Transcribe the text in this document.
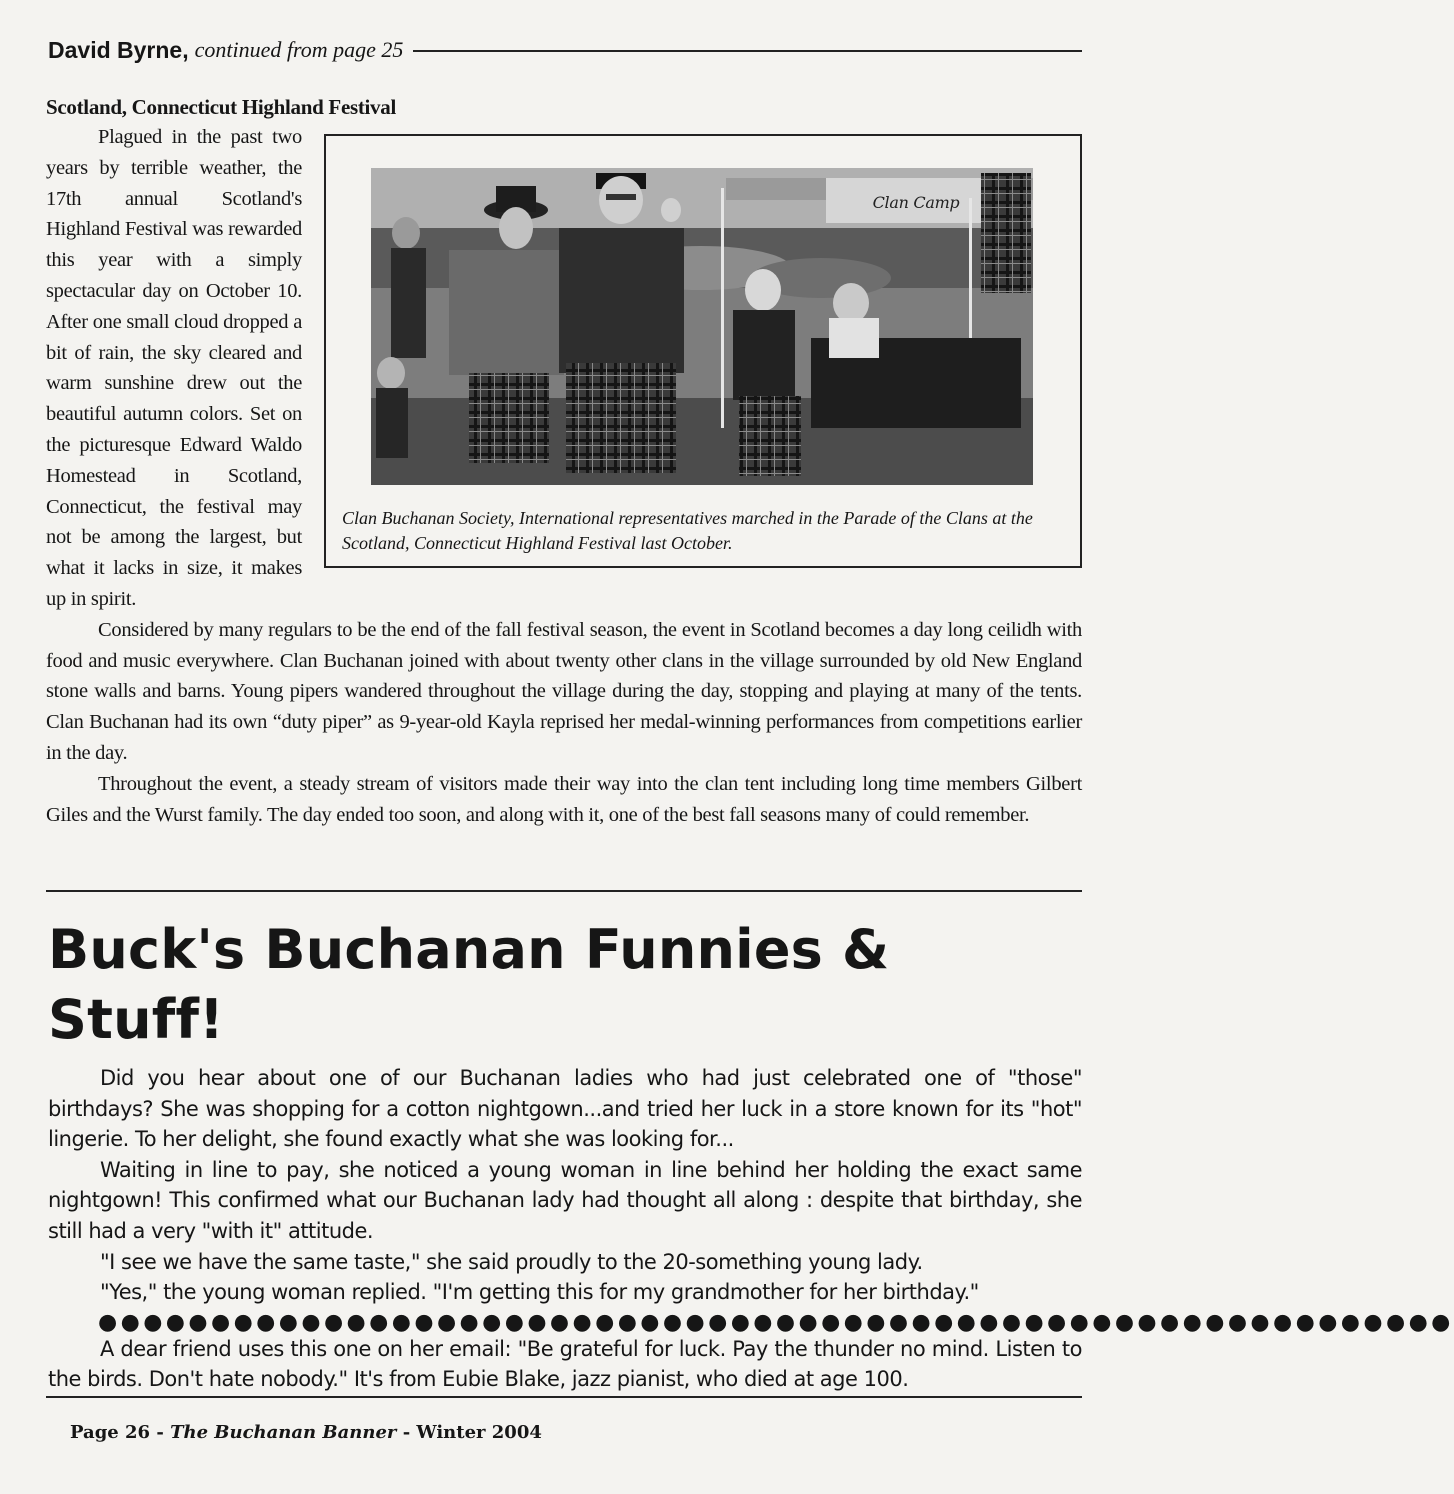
David Byrne, continued from page 25

Scotland, Connecticut Highland Festival

Clan Camp
Clan Buchanan Society, International representatives marched in the Parade of the Clans at the Scotland, Connecticut Highland Festival last October.

Plagued in the past two years by terrible weather, the 17th annual Scotland's Highland Festival was rewarded this year with a simply spectacular day on October 10. After one small cloud dropped a bit of rain, the sky cleared and warm sunshine drew out the beautiful autumn colors. Set on the picturesque Edward Waldo Homestead in Scotland, Connecticut, the festival may not be among the largest, but what it lacks in size, it makes up in spirit.

Considered by many regulars to be the end of the fall festival season, the event in Scotland becomes a day long ceilidh with food and music everywhere. Clan Buchanan joined with about twenty other clans in the village surrounded by old New England stone walls and barns. Young pipers wandered throughout the village during the day, stopping and playing at many of the tents. Clan Buchanan had its own “duty piper” as 9-year-old Kayla reprised her medal-winning performances from competitions earlier in the day.

Throughout the event, a steady stream of visitors made their way into the clan tent including long time members Gilbert Giles and the Wurst family. The day ended too soon, and along with it, one of the best fall seasons many of could remember.

Buck's Buchanan Funnies & Stuff!

Did you hear about one of our Buchanan ladies who had just celebrated one of "those" birthdays? She was shopping for a cotton nightgown...and tried her luck in a store known for its "hot" lingerie. To her delight, she found exactly what she was looking for...

Waiting in line to pay, she noticed a young woman in line behind her holding the exact same nightgown! This confirmed what our Buchanan lady had thought all along : despite that birthday, she still had a very "with it" attitude.

"I see we have the same taste," she said proudly to the 20-something young lady.

"Yes," the young woman replied. "I'm getting this for my grandmother for her birthday."

●●●●●●●●●●●●●●●●●●●●●●●●●●●●●●●●●●●●●●●●●●●●●●●●●●●●●●●●●●●●

A dear friend uses this one on her email: "Be grateful for luck. Pay the thunder no mind. Listen to the birds. Don't hate nobody." It's from Eubie Blake, jazz pianist, who died at age 100.

Page 26 - The Buchanan Banner - Winter 2004
